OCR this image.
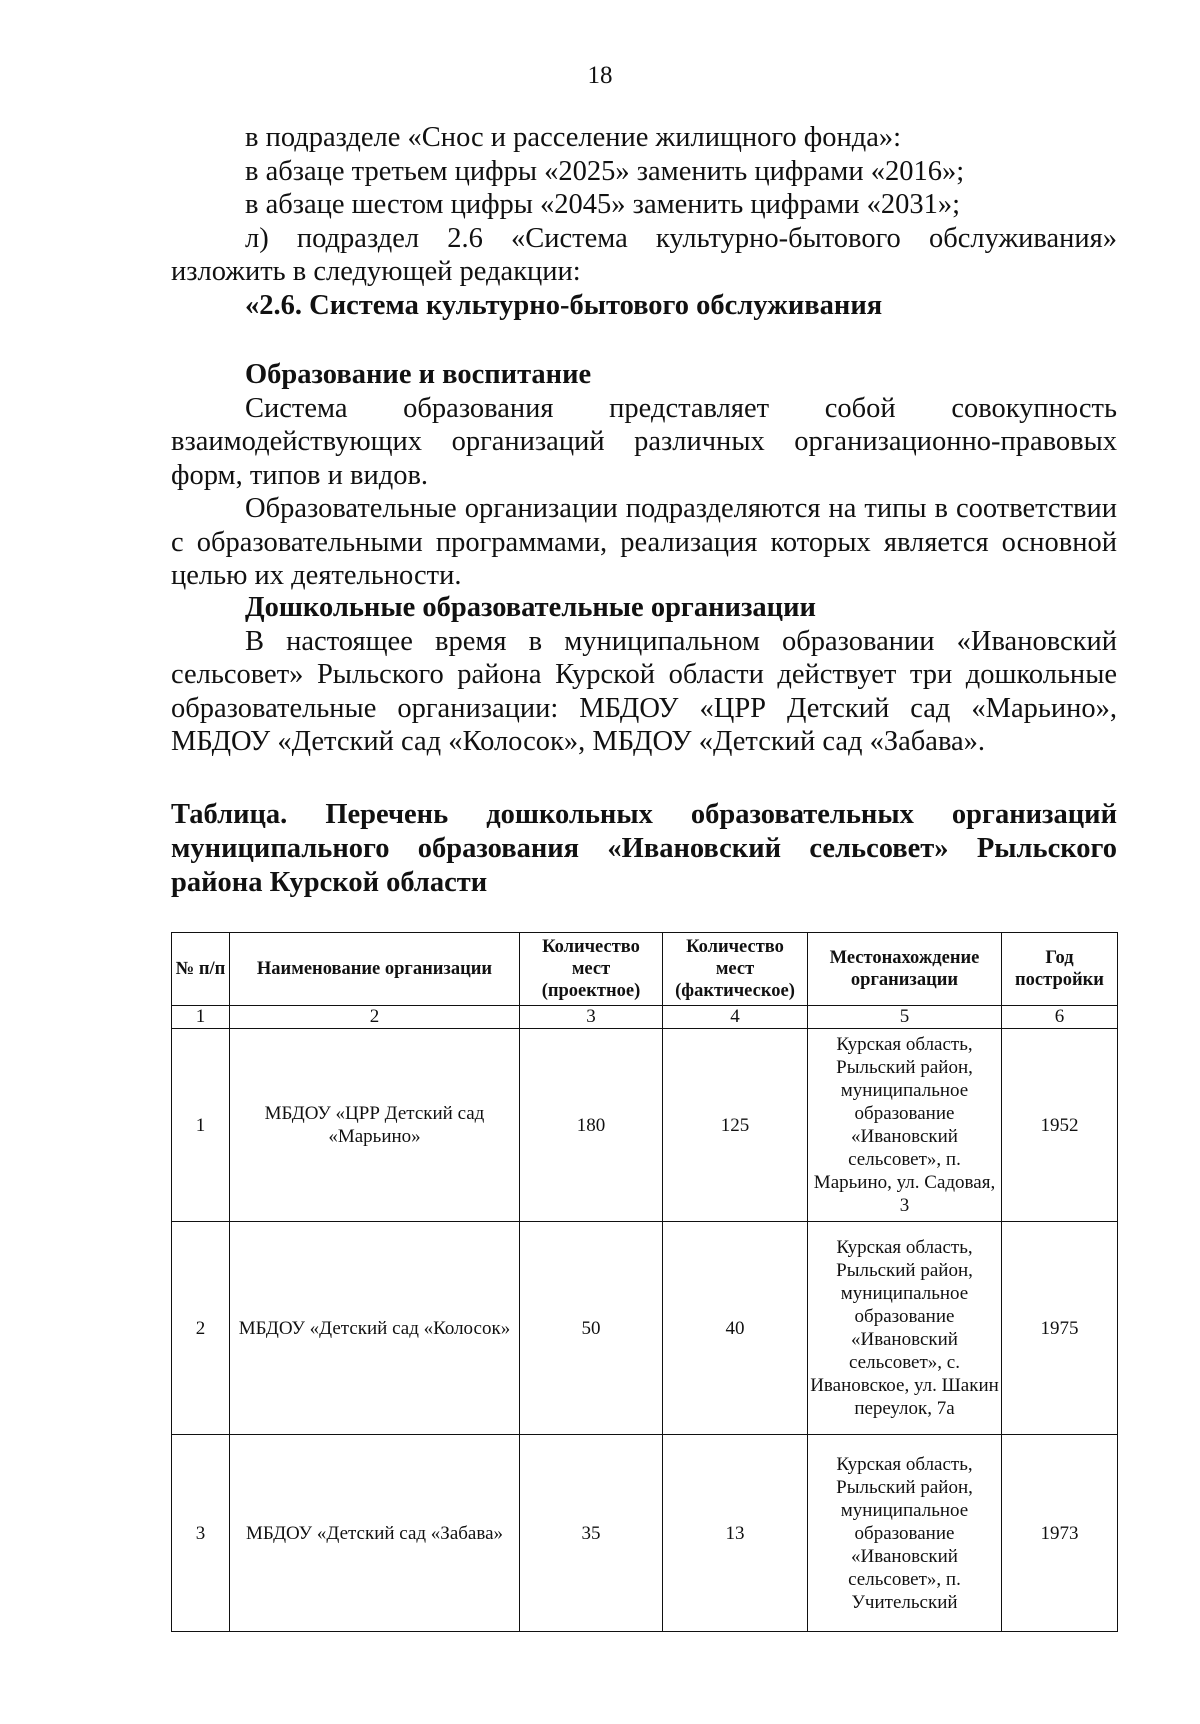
18

в подразделе «Снос и расселение жилищного фонда»:

в абзаце третьем цифры «2025» заменить цифрами «2016»;

в абзаце шестом цифры «2045» заменить цифрами «2031»;

л) подраздел 2.6 «Система культурно-бытового обслуживания» изложить в следующей редакции:

«2.6. Система культурно-бытового обслуживания

Образование и воспитание

Система образования представляет собой совокупность взаимодействующих организаций различных организационно-правовых форм, типов и видов.

Образовательные организации подразделяются на типы в соответствии с образовательными программами, реализация которых является основной целью их деятельности.

Дошкольные образовательные организации

В настоящее время в муниципальном образовании «Ивановский сельсовет» Рыльского района Курской области действует три дошкольные образовательные организации: МБДОУ «ЦРР Детский сад «Марьино», МБДОУ «Детский сад «Колосок», МБДОУ «Детский сад «Забава».

Таблица. Перечень дошкольных образовательных организаций муниципального образования «Ивановский сельсовет» Рыльского района Курской области

№ п/п	Наименование организации	Количество мест (проектное)	Количество мест (фактическое)	Местонахождение организации	Год постройки
1	2	3	4	5	6
1	МБДОУ «ЦРР Детский сад «Марьино»	180	125	Курская область, Рыльский район, муниципальное образование «Ивановский сельсовет», п. Марьино, ул. Садовая, 3	1952
2	МБДОУ «Детский сад «Колосок»	50	40	Курская область, Рыльский район, муниципальное образование «Ивановский сельсовет», с. Ивановское, ул. Шакин переулок, 7а	1975
3	МБДОУ «Детский сад «Забава»	35	13	Курская область, Рыльский район, муниципальное образование «Ивановский сельсовет», п. Учительский	1973
